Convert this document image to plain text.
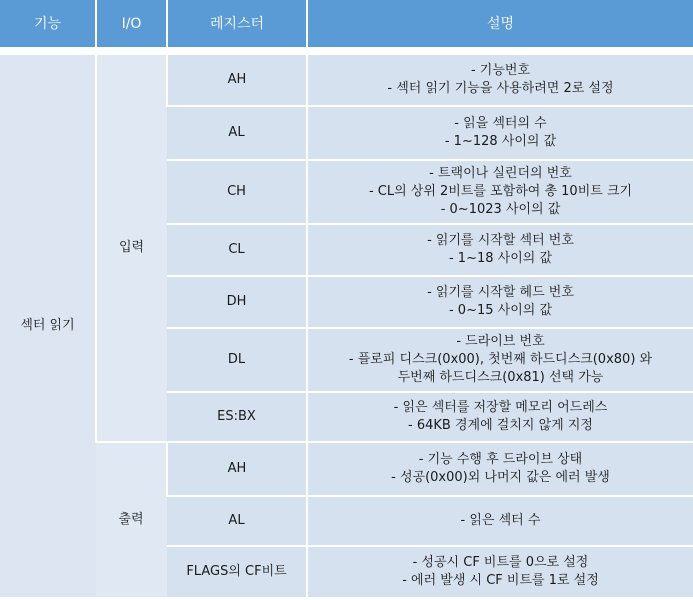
기능	I/O	레지스터	설명

섹터 읽기	입력	AH	- 기능번호
- 섹터 읽기 기능을 사용하려면 2로 설정

		AL	- 읽을 섹터의 수
- 1~128 사이의 값

		CH	- 트랙이나 실린더의 번호
- CL의 상위 2비트를 포함하여 총 10비트 크기
- 0~1023 사이의 값

		CL	- 읽기를 시작할 섹터 번호
- 1~18 사이의 값

		DH	- 읽기를 시작할 헤드 번호
- 0~15 사이의 값

		DL	- 드라이브 번호
- 플로피 디스크(0x00), 첫번째 하드디스크(0x80) 와
두번째 하드디스크(0x81) 선택 가능

		ES:BX	- 읽은 섹터를 저장할 메모리 어드레스
- 64KB 경계에 걸치지 않게 지정

	출력	AH	- 기능 수행 후 드라이브 상태
- 성공(0x00)외 나머지 값은 에러 발생

		AL	- 읽은 섹터 수

		FLAGS의 CF비트	- 성공시 CF 비트를 0으로 설정
- 에러 발생 시 CF 비트를 1로 설정
